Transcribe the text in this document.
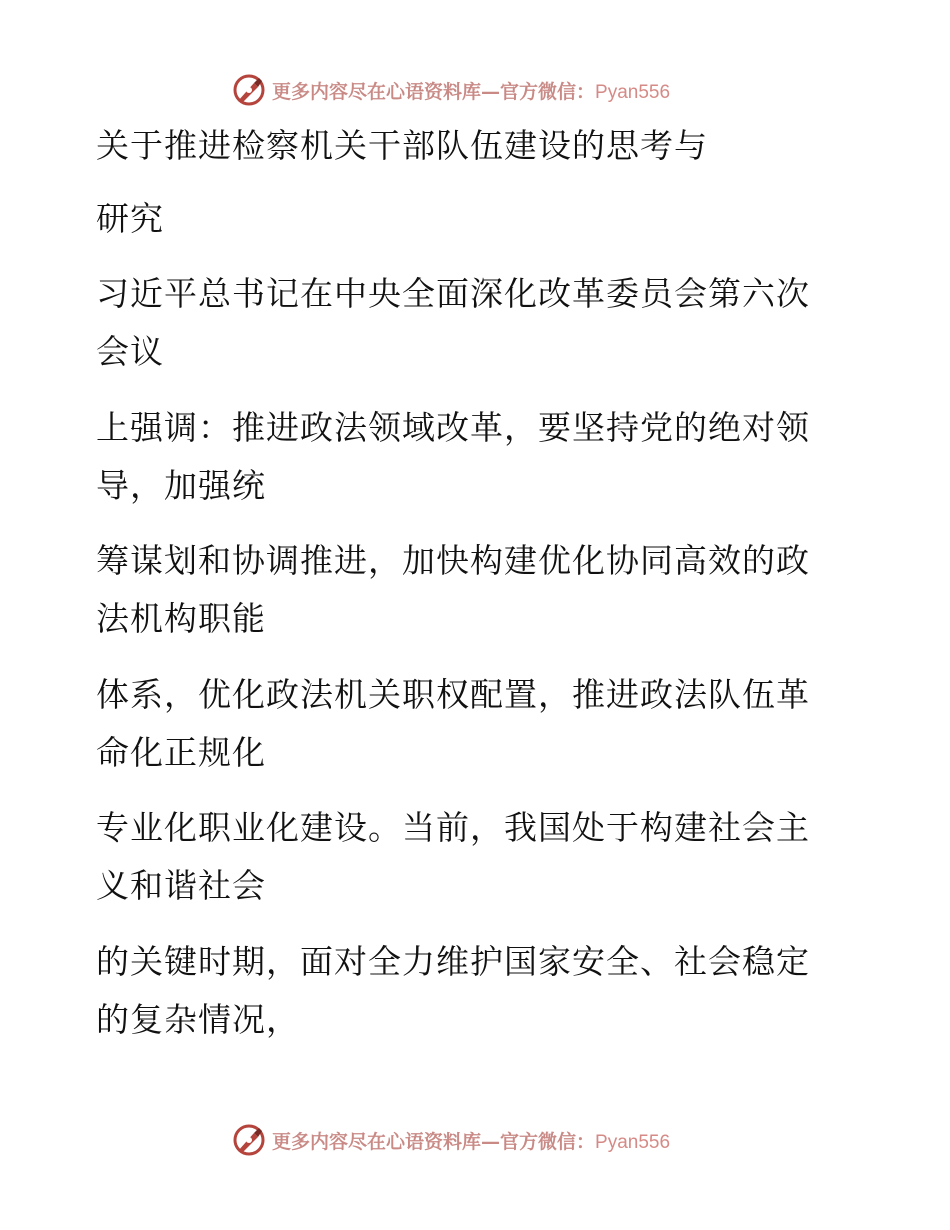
更多内容尽在心语资料库—官方微信：Pyan556
关于推进检察机关干部队伍建设的思考与
研究
习近平总书记在中央全面深化改革委员会第六次
会议
上强调：推进政法领域改革，要坚持党的绝对领
导，加强统
筹谋划和协调推进，加快构建优化协同高效的政
法机构职能
体系，优化政法机关职权配置，推进政法队伍革
命化正规化
专业化职业化建设。当前，我国处于构建社会主
义和谐社会
的关键时期，面对全力维护国家安全、社会稳定
的复杂情况，
更多内容尽在心语资料库—官方微信：Pyan556
